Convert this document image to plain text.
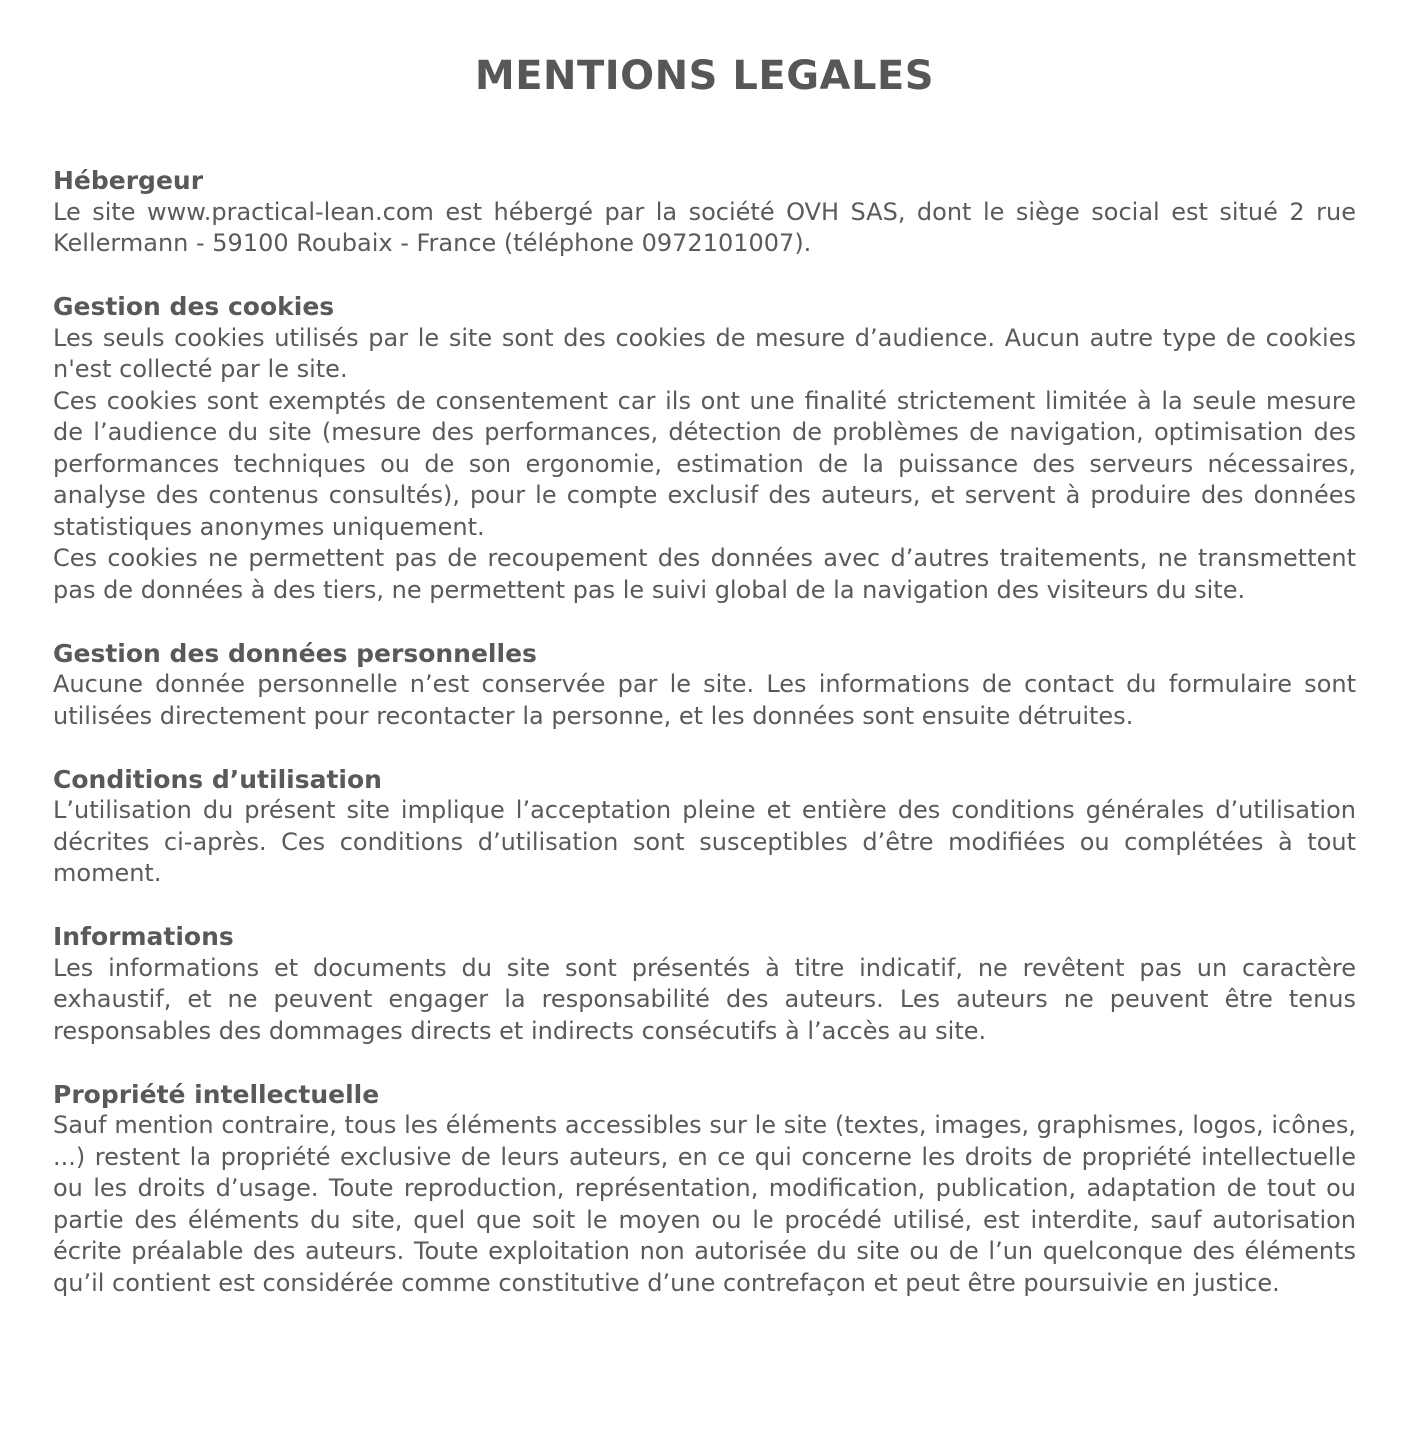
MENTIONS LEGALES
Hébergeur

Le site www.practical-lean.com est hébergé par la société OVH SAS, dont le siège social est situé 2 rue Kellermann - 59100 Roubaix - France (téléphone 0972101007).

Gestion des cookies

Les seuls cookies utilisés par le site sont des cookies de mesure d’audience. Aucun autre type de cookies n'est collecté par le site.

Ces cookies sont exemptés de consentement car ils ont une finalité strictement limitée à la seule mesure de l’audience du site (mesure des performances, détection de problèmes de navigation, optimisation des performances techniques ou de son ergonomie, estimation de la puissance des serveurs nécessaires, analyse des contenus consultés), pour le compte exclusif des auteurs, et servent à produire des données statistiques anonymes uniquement.

Ces cookies ne permettent pas de recoupement des données avec d’autres traitements, ne transmettent pas de données à des tiers, ne permettent pas le suivi global de la navigation des visiteurs du site.

Gestion des données personnelles

Aucune donnée personnelle n’est conservée par le site. Les informations de contact du formulaire sont utilisées directement pour recontacter la personne, et les données sont ensuite détruites.

Conditions d’utilisation

L’utilisation du présent site implique l’acceptation pleine et entière des conditions générales d’utilisation décrites ci-après. Ces conditions d’utilisation sont susceptibles d’être modifiées ou complétées à tout moment.

Informations

Les informations et documents du site sont présentés à titre indicatif, ne revêtent pas un caractère exhaustif, et ne peuvent engager la responsabilité des auteurs. Les auteurs ne peuvent être tenus responsables des dommages directs et indirects consécutifs à l’accès au site.

Propriété intellectuelle

Sauf mention contraire, tous les éléments accessibles sur le site (textes, images, graphismes, logos, icônes, ...) restent la propriété exclusive de leurs auteurs, en ce qui concerne les droits de propriété intellectuelle ou les droits d’usage. Toute reproduction, représentation, modification, publication, adaptation de tout ou partie des éléments du site, quel que soit le moyen ou le procédé utilisé, est interdite, sauf autorisation écrite préalable des auteurs. Toute exploitation non autorisée du site ou de l’un quelconque des éléments qu’il contient est considérée comme constitutive d’une contrefaçon et peut être poursuivie en justice.
